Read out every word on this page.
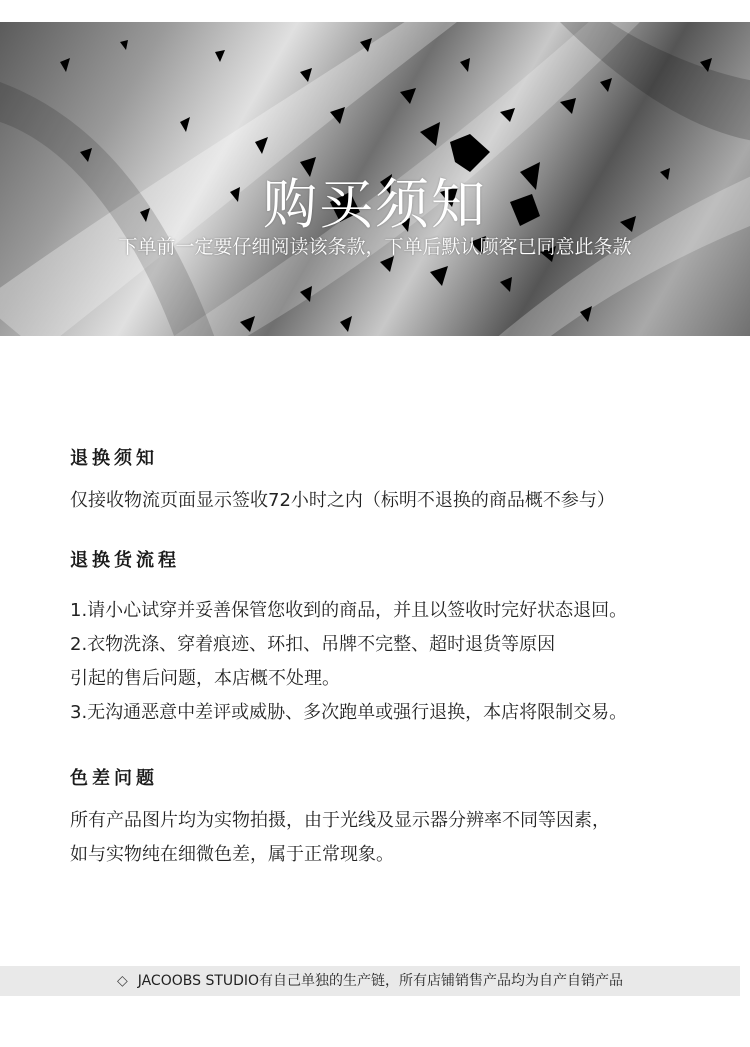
购买须知
下单前一定要仔细阅读该条款，下单后默认顾客已同意此条款
退换须知
仅接收物流页面显示签收72小时之内（标明不退换的商品概不参与）
退换货流程
1.请小心试穿并妥善保管您收到的商品，并且以签收时完好状态退回。
2.衣物洗涤、穿着痕迹、环扣、吊牌不完整、超时退货等原因
引起的售后问题，本店概不处理。
3.无沟通恶意中差评或威胁、多次跑单或强行退换，本店将限制交易。
色差问题
所有产品图片均为实物拍摄，由于光线及显示器分辨率不同等因素，
如与实物纯在细微色差，属于正常现象。
◇ JACOOBS STUDIO有自己单独的生产链，所有店铺销售产品均为自产自销产品
